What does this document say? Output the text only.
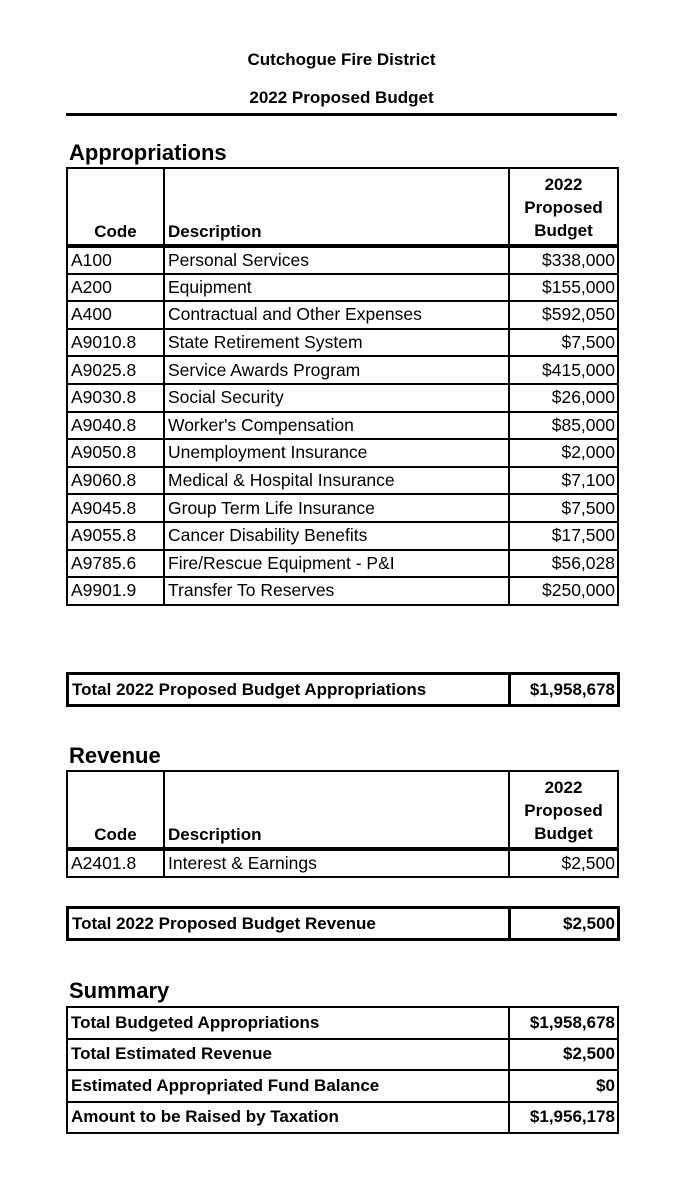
Cutchogue Fire District
2022 Proposed Budget
Appropriations
Code	Description	2022
Proposed
Budget
A100	Personal Services	$338,000
A200	Equipment	$155,000
A400	Contractual and Other Expenses	$592,050
A9010.8	State Retirement System	$7,500
A9025.8	Service Awards Program	$415,000
A9030.8	Social Security	$26,000
A9040.8	Worker's Compensation	$85,000
A9050.8	Unemployment Insurance	$2,000
A9060.8	Medical & Hospital Insurance	$7,100
A9045.8	Group Term Life Insurance	$7,500
A9055.8	Cancer Disability Benefits	$17,500
A9785.6	Fire/Rescue Equipment - P&I	$56,028
A9901.9	Transfer To Reserves	$250,000
Total 2022 Proposed Budget Appropriations	$1,958,678
Revenue
Code	Description	2022
Proposed
Budget
A2401.8	Interest & Earnings	$2,500
Total 2022 Proposed Budget Revenue	$2,500
Summary
Total Budgeted Appropriations	$1,958,678
Total Estimated Revenue	$2,500
Estimated Appropriated Fund Balance	$0
Amount to be Raised by Taxation	$1,956,178
